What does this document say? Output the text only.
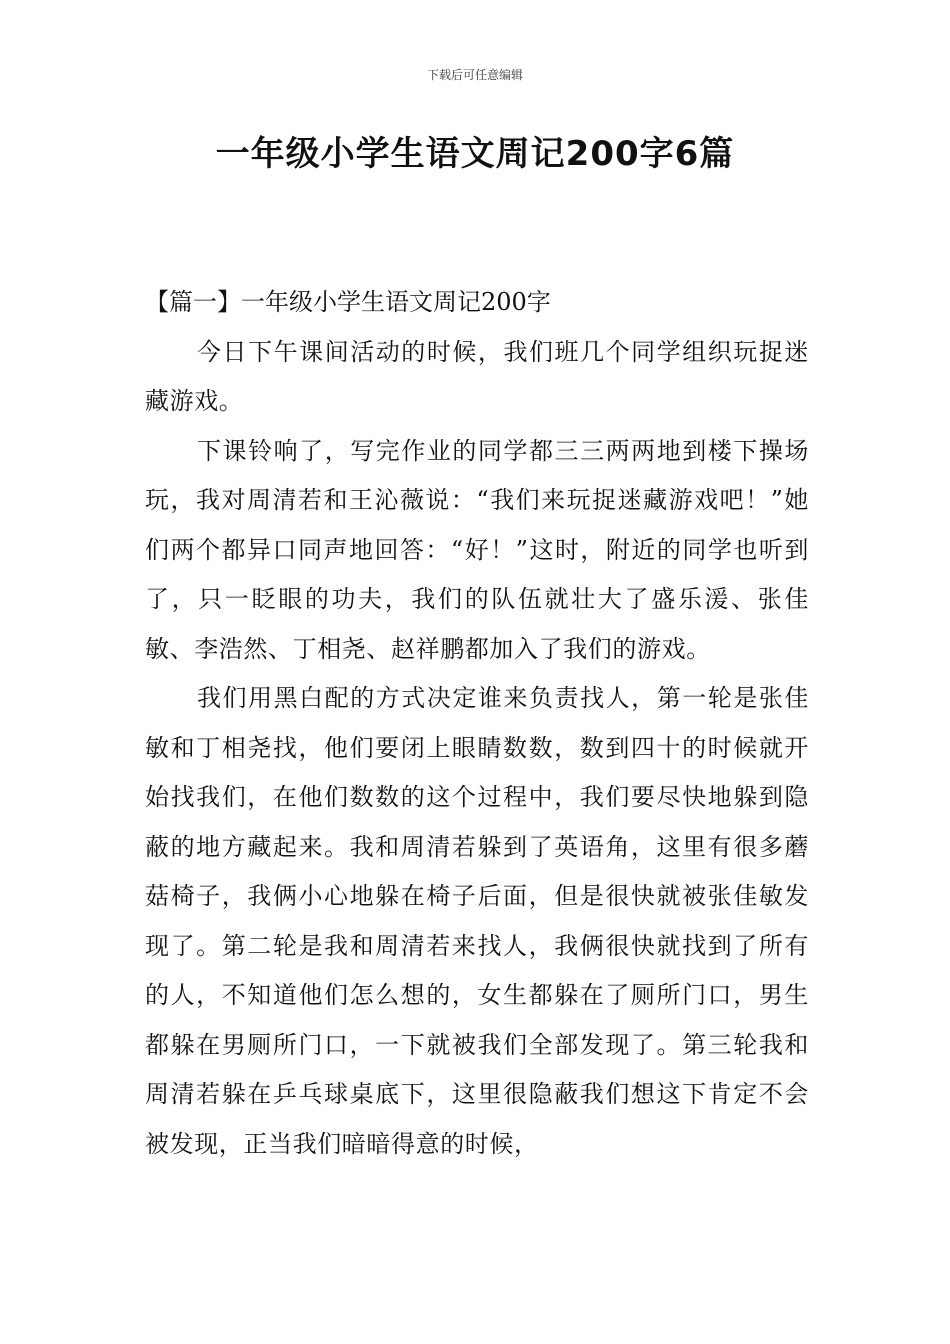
下载后可任意编辑
一年级小学生语文周记200字6篇

【篇一】一年级小学生语文周记200字

今日下午课间活动的时候，我们班几个同学组织玩捉迷藏游戏。

下课铃响了，写完作业的同学都三三两两地到楼下操场玩，我对周清若和王沁薇说：“我们来玩捉迷藏游戏吧！”她们两个都异口同声地回答：“好！”这时，附近的同学也听到了，只一眨眼的功夫，我们的队伍就壮大了盛乐湲、张佳敏、李浩然、丁相尧、赵祥鹏都加入了我们的游戏。

我们用黑白配的方式决定谁来负责找人，第一轮是张佳敏和丁相尧找，他们要闭上眼睛数数，数到四十的时候就开始找我们，在他们数数的这个过程中，我们要尽快地躲到隐蔽的地方藏起来。我和周清若躲到了英语角，这里有很多蘑菇椅子，我俩小心地躲在椅子后面，但是很快就被张佳敏发现了。第二轮是我和周清若来找人，我俩很快就找到了所有的人，不知道他们怎么想的，女生都躲在了厕所门口，男生都躲在男厕所门口，一下就被我们全部发现了。第三轮我和周清若躲在乒乓球桌底下，这里很隐蔽我们想这下肯定不会被发现，正当我们暗暗得意的时候，
